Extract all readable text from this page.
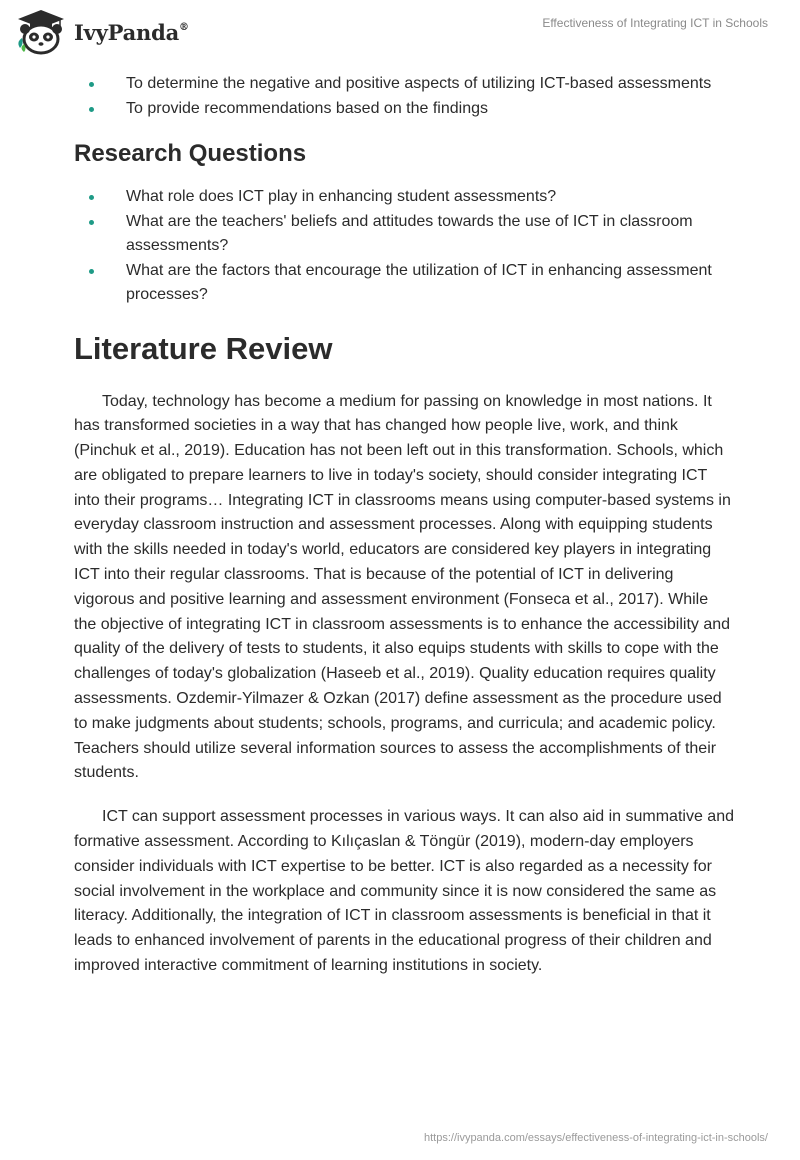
IvyPanda®	Effectiveness of Integrating ICT in Schools
To determine the negative and positive aspects of utilizing ICT-based assessments
To provide recommendations based on the findings
Research Questions
What role does ICT play in enhancing student assessments?
What are the teachers' beliefs and attitudes towards the use of ICT in classroom assessments?
What are the factors that encourage the utilization of ICT in enhancing assessment processes?
Literature Review

Today, technology has become a medium for passing on knowledge in most nations. It has transformed societies in a way that has changed how people live, work, and think (Pinchuk et al., 2019). Education has not been left out in this transformation. Schools, which are obligated to prepare learners to live in today's society, should consider integrating ICT into their programs… Integrating ICT in classrooms means using computer-based systems in everyday classroom instruction and assessment processes. Along with equipping students with the skills needed in today's world, educators are considered key players in integrating ICT into their regular classrooms. That is because of the potential of ICT in delivering vigorous and positive learning and assessment environment (Fonseca et al., 2017). While the objective of integrating ICT in classroom assessments is to enhance the accessibility and quality of the delivery of tests to students, it also equips students with skills to cope with the challenges of today's globalization (Haseeb et al., 2019). Quality education requires quality assessments. Ozdemir-Yilmazer & Ozkan (2017) define assessment as the procedure used to make judgments about students; schools, programs, and curricula; and academic policy. Teachers should utilize several information sources to assess the accomplishments of their students.

ICT can support assessment processes in various ways. It can also aid in summative and formative assessment. According to Kılıçaslan & Töngür (2019), modern-day employers consider individuals with ICT expertise to be better. ICT is also regarded as a necessity for social involvement in the workplace and community since it is now considered the same as literacy. Additionally, the integration of ICT in classroom assessments is beneficial in that it leads to enhanced involvement of parents in the educational progress of their children and improved interactive commitment of learning institutions in society.

https://ivypanda.com/essays/effectiveness-of-integrating-ict-in-schools/
